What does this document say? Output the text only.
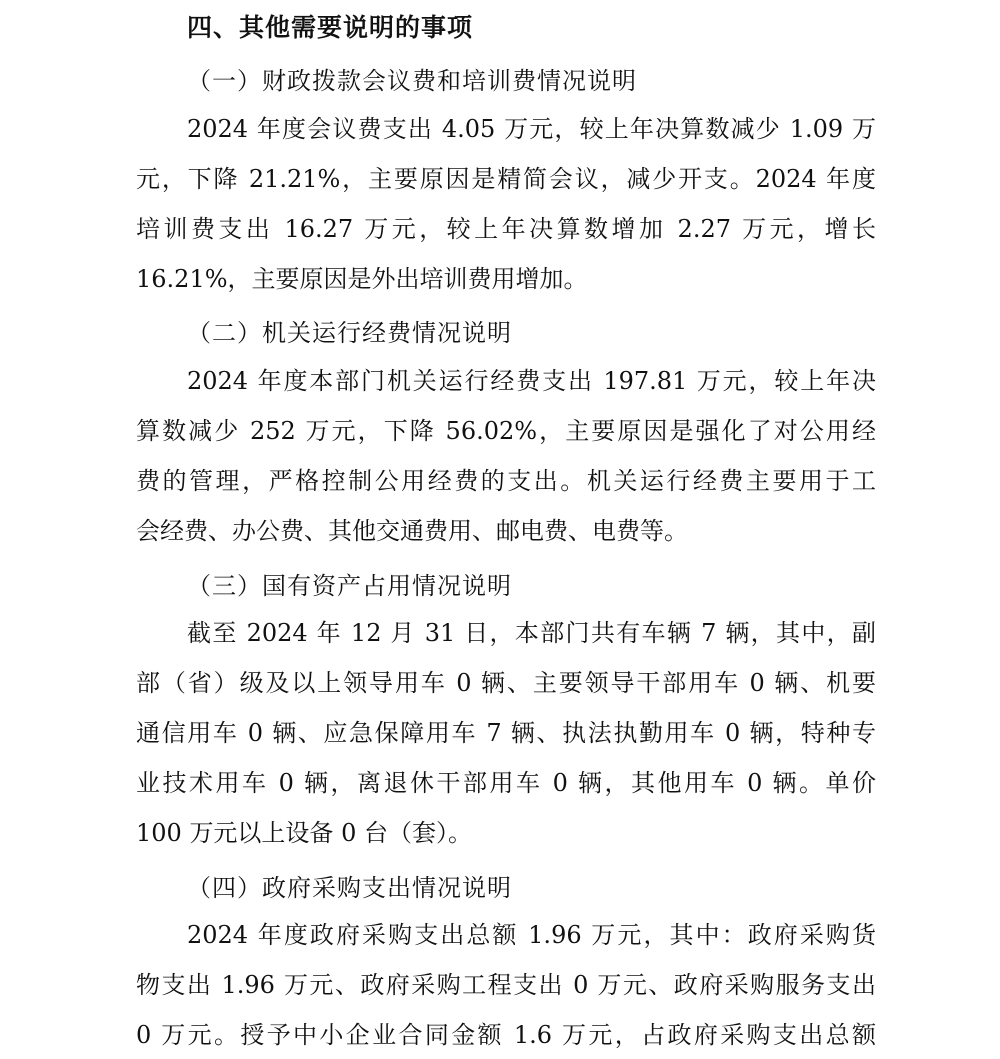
四、其他需要说明的事项
（一）财政拨款会议费和培训费情况说明
2024 年度会议费支出 4.05 万元，较上年决算数减少 1.09 万
元，下降 21.21%，主要原因是精简会议，减少开支。2024 年度
培训费支出 16.27 万元，较上年决算数增加 2.27 万元，增长
16.21%，主要原因是外出培训费用增加。
（二）机关运行经费情况说明
2024 年度本部门机关运行经费支出 197.81 万元，较上年决
算数减少 252 万元，下降 56.02%，主要原因是强化了对公用经
费的管理，严格控制公用经费的支出。机关运行经费主要用于工
会经费、办公费、其他交通费用、邮电费、电费等。
（三）国有资产占用情况说明
截至 2024 年 12 月 31 日，本部门共有车辆 7 辆，其中，副
部（省）级及以上领导用车 0 辆、主要领导干部用车 0 辆、机要
通信用车 0 辆、应急保障用车 7 辆、执法执勤用车 0 辆，特种专
业技术用车 0 辆，离退休干部用车 0 辆，其他用车 0 辆。单价
100 万元以上设备 0 台（套）。
（四）政府采购支出情况说明
2024 年度政府采购支出总额 1.96 万元，其中：政府采购货
物支出 1.96 万元、政府采购工程支出 0 万元、政府采购服务支出
0 万元。授予中小企业合同金额 1.6 万元，占政府采购支出总额
